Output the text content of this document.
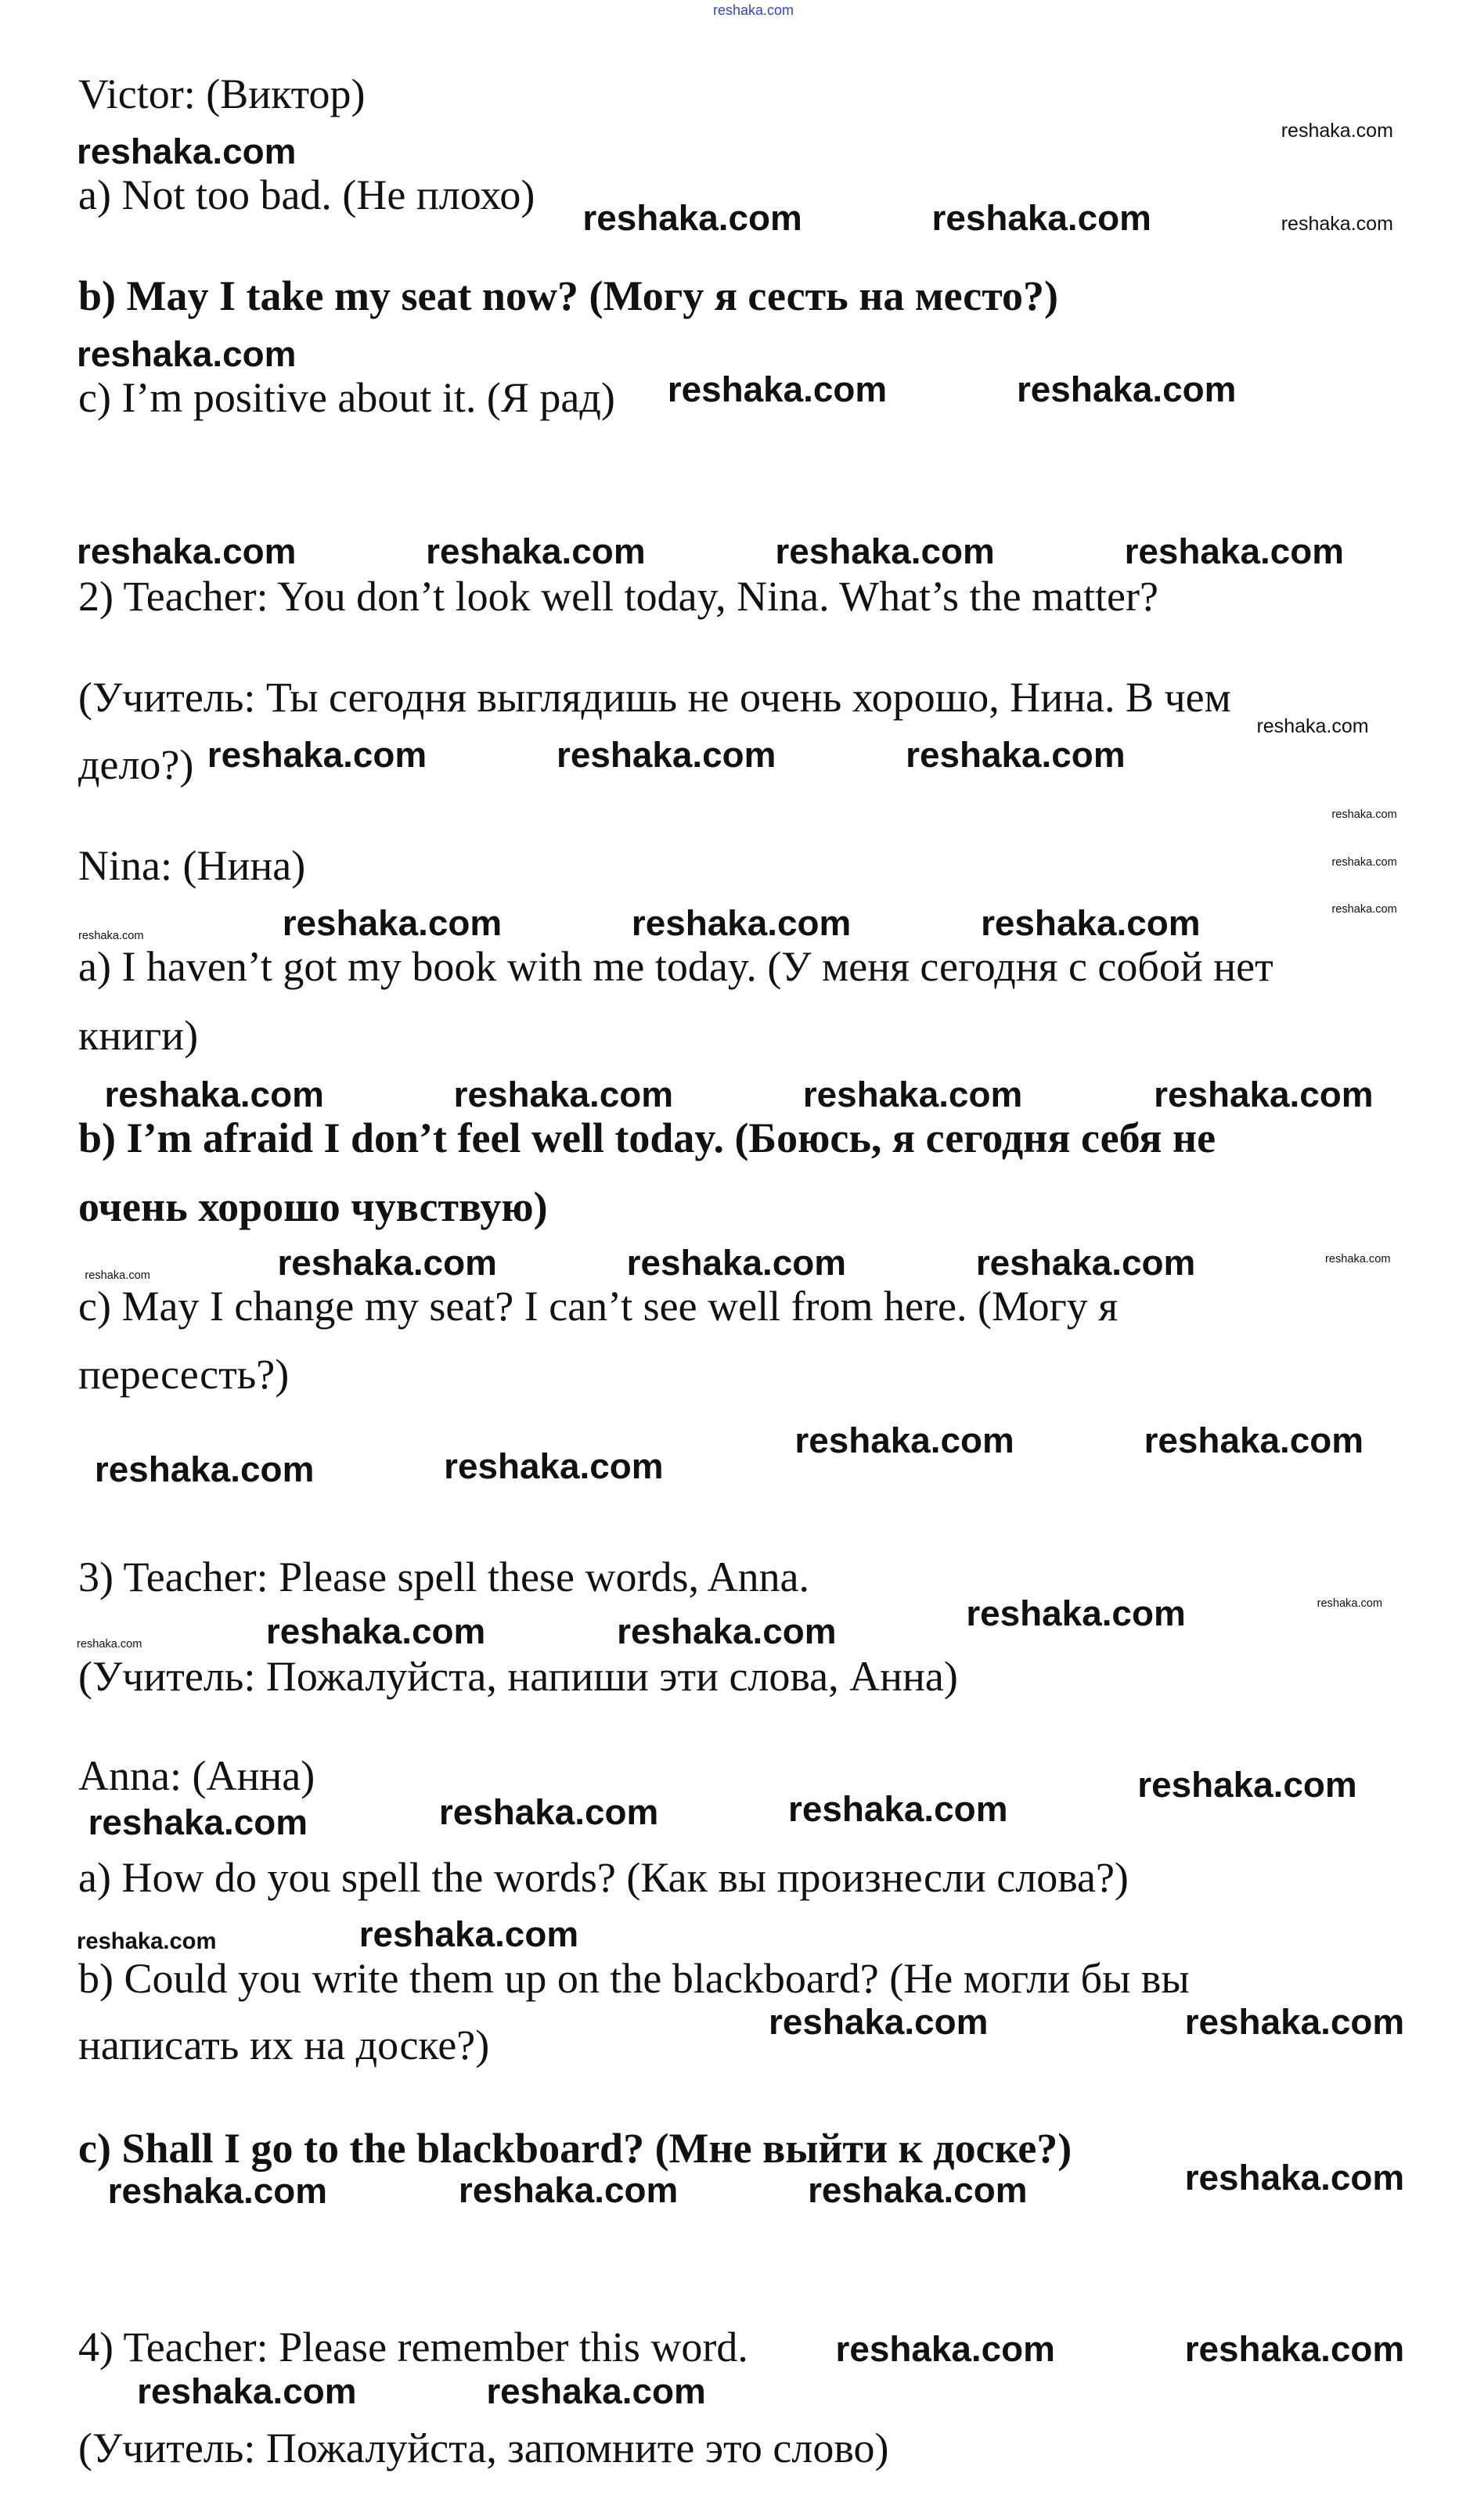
reshaka.com
Victor: (Виктор)
a) Not too bad. (Не плохо)
b) May I take my seat now? (Могу я сесть на место?)
c) I’m positive about it. (Я рад)
2) Teacher: You don’t look well today, Nina. What’s the matter?
(Учитель: Ты сегодня выглядишь не очень хорошо, Нина. В чем
дело?)
Nina: (Нина)
a) I haven’t got my book with me today. (У меня сегодня с собой нет
книги)
b) I’m afraid I don’t feel well today. (Боюсь, я сегодня себя не
очень хорошо чувствую)
c) May I change my seat? I can’t see well from here. (Могу я
пересесть?)
3) Teacher: Please spell these words, Anna.
(Учитель: Пожалуйста, напиши эти слова, Анна)
Anna: (Анна)
a) How do you spell the words? (Как вы произнесли слова?)
b) Could you write them up on the blackboard? (Не могли бы вы
написать их на доске?)
c) Shall I go to the blackboard? (Мне выйти к доске?)
4) Teacher: Please remember this word.
(Учитель: Пожалуйста, запомните это слово)
reshaka.com
reshaka.com	reshaka.com
reshaka.com
reshaka.com	reshaka.com
reshaka.com	reshaka.com	reshaka.com	reshaka.com
reshaka.com	reshaka.com	reshaka.com
reshaka.com	reshaka.com	reshaka.com
reshaka.com	reshaka.com	reshaka.com	reshaka.com
reshaka.com	reshaka.com	reshaka.com
reshaka.com	reshaka.com
reshaka.com	reshaka.com
reshaka.com
reshaka.com	reshaka.com
reshaka.com
reshaka.com	reshaka.com	reshaka.com
reshaka.com
reshaka.com	reshaka.com
reshaka.com	reshaka.com	reshaka.com
reshaka.com
reshaka.com	reshaka.com
reshaka.com	reshaka.com
reshaka.com
reshaka.com
reshaka.com
reshaka.com
reshaka.com
reshaka.com
reshaka.com
reshaka.com
reshaka.com
reshaka.com
reshaka.com
reshaka.com
